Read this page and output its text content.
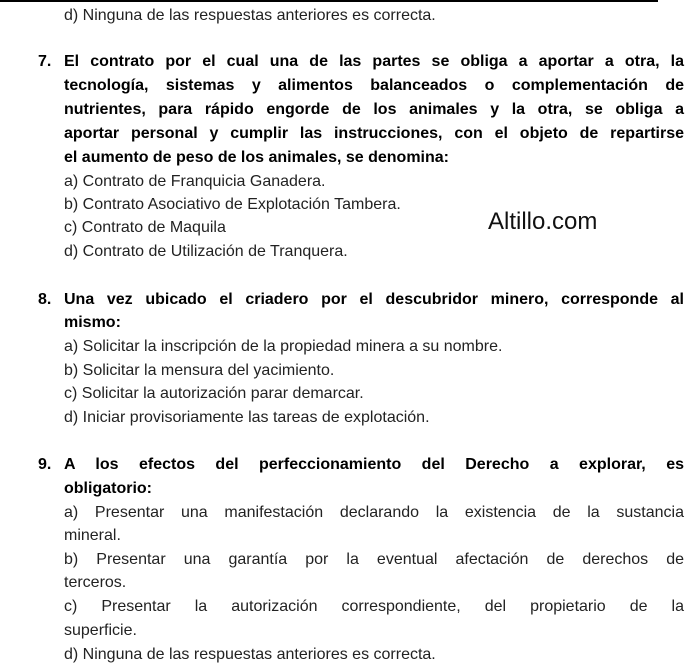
d) Ninguna de las respuestas anteriores es correcta.
7. El contrato por el cual una de las partes se obliga a aportar a otra, la
tecnología, sistemas y alimentos balanceados o complementación de
nutrientes, para rápido engorde de los animales y la otra, se obliga a
aportar personal y cumplir las instrucciones, con el objeto de repartirse
el aumento de peso de los animales, se denomina:
a) Contrato de Franquicia Ganadera.
b) Contrato Asociativo de Explotación Tambera.
c) Contrato de Maquila
d) Contrato de Utilización de Tranquera.
Altillo.com
8. Una vez ubicado el criadero por el descubridor minero, corresponde al
mismo:
a) Solicitar la inscripción de la propiedad minera a su nombre.
b) Solicitar la mensura del yacimiento.
c) Solicitar la autorización parar demarcar.
d) Iniciar provisoriamente las tareas de explotación.
9. A los efectos del perfeccionamiento del Derecho a explorar, es
obligatorio:
a) Presentar una manifestación declarando la existencia de la sustancia
mineral.
b) Presentar una garantía por la eventual afectación de derechos de
terceros.
c) Presentar la autorización correspondiente, del propietario de la
superficie.
d) Ninguna de las respuestas anteriores es correcta.
